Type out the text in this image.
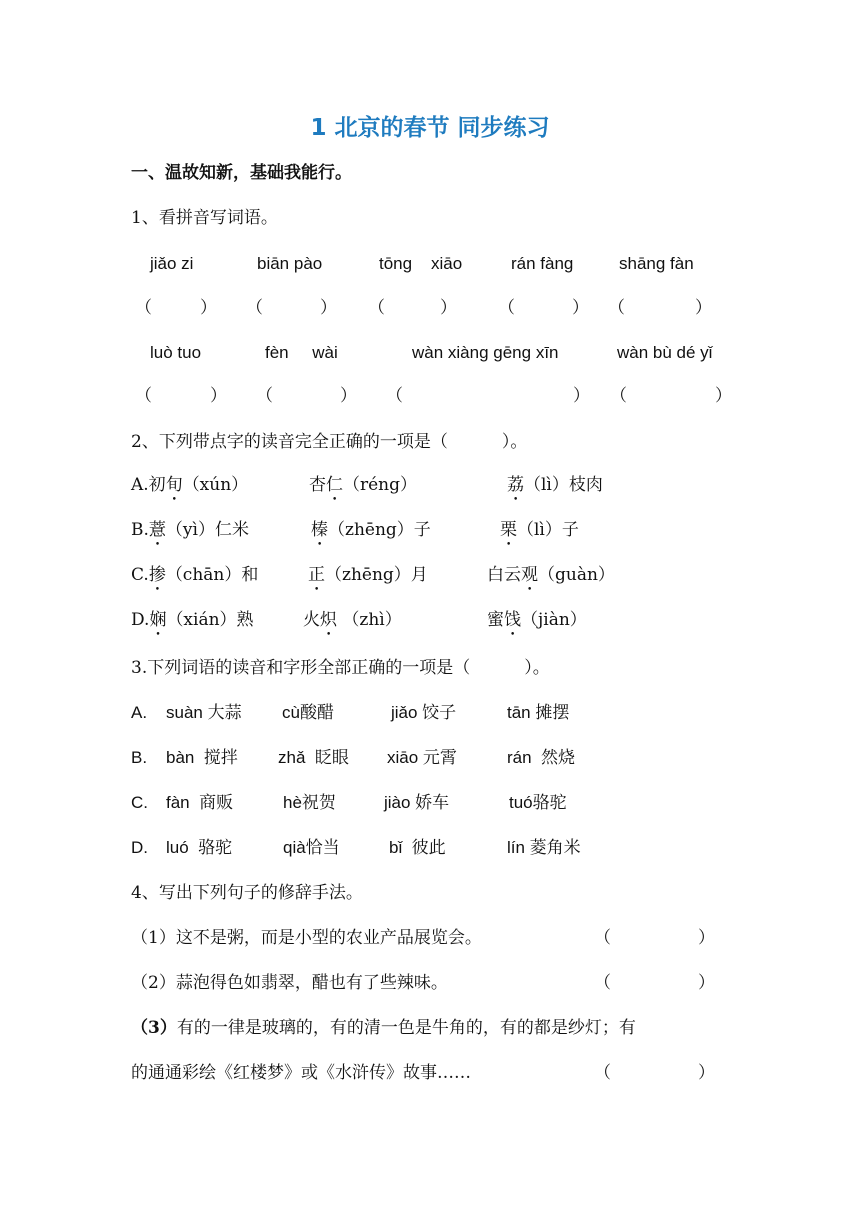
1 北京的春节 同步练习
一、温故知新，基础我能行。
1、看拼音写词语。
jiǎo zi	biān pào	tōng    xiāo	rán fàng	shāng fàn
（	） （	） （	） （	） （	）
luò tuo	fèn     wài	wàn xiàng gēng xīn	wàn bù dé yǐ
（	） （	） （	） （	）
2、下列带点字的读音完全正确的一项是（          ）。
A.初旬（xún）	杏仁（réng）	荔（lì）枝肉
B.薏（yì）仁米	榛（zhēng）子	栗（lì）子
C.掺（chān）和	正（zhēng）月	白云观（guàn）
D.娴（xián）熟	火炽 （zhì）	蜜饯（jiàn）
3.下列词语的读音和字形全部正确的一项是（          ）。
A. suàn 大蒜 cù酸醋	jiǎo 饺子	tān 摊摆
B. bàn  搅拌 zhǎ  眨眼 xiāo 元霄	rán  然烧
C. fàn  商贩	hè祝贺	jiào 娇车	tuó骆驼
D. luó  骆驼	qià恰当	bǐ  彼此	lín 菱角米
4、写出下列句子的修辞手法。
（1）这不是粥，而是小型的农业产品展览会。	（	）
（2）蒜泡得色如翡翠，醋也有了些辣味。	（	）
（3）有的一律是玻璃的，有的清一色是牛角的，有的都是纱灯；有
的通通彩绘《红楼梦》或《水浒传》故事……	（	）
